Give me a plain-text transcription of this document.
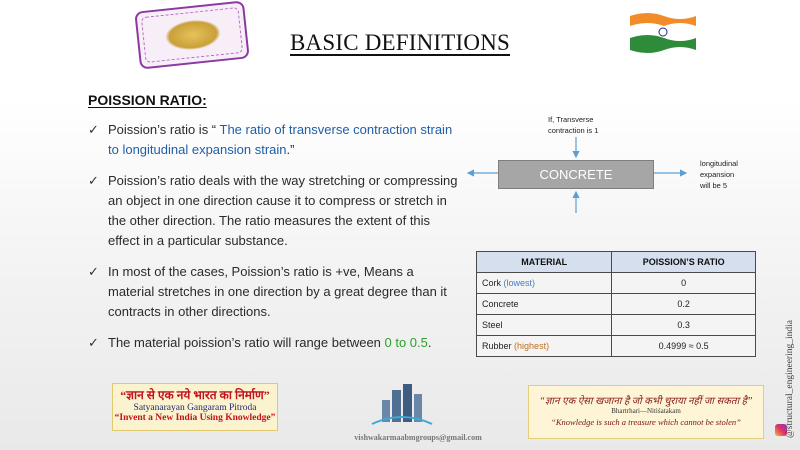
BASIC DEFINITIONS
POISSION RATIO:
✓ Poission’s ratio is “ The ratio of transverse contraction strain to longitudinal expansion strain.”
✓ Poission’s ratio deals with the way stretching or compressing an object in one direction cause it to compress or stretch in the other direction. The ratio measures the extent of this effect in a particular substance.
✓ In most of the cases, Poission’s ratio is +ve, Means a material stretches in one direction by a great degree than it contracts in other directions.
✓ The material poission’s ratio will range between 0 to 0.5.
If, Transverse
contraction is 1
longitudinal
expansion
will be 5
CONCRETE
MATERIAL	POISSION’S RATIO
Cork (lowest)	0
Concrete	0.2
Steel	0.3
Rubber (highest)	0.4999 ≈ 0.5
“ज्ञान से एक नये भारत का निर्माण”
Satyanarayan Gangaram Pitroda
“Invent a New India Using Knowledge”
vishwakarmaabmgroups@gmail.com
“ज्ञान एक ऐसा खजाना है जो कभी चुराया नहीं जा सकता है”
Bhartrhari—Nitiśatakam
“Knowledge is such a treasure which cannot be stolen”	@structural_engineering_india
